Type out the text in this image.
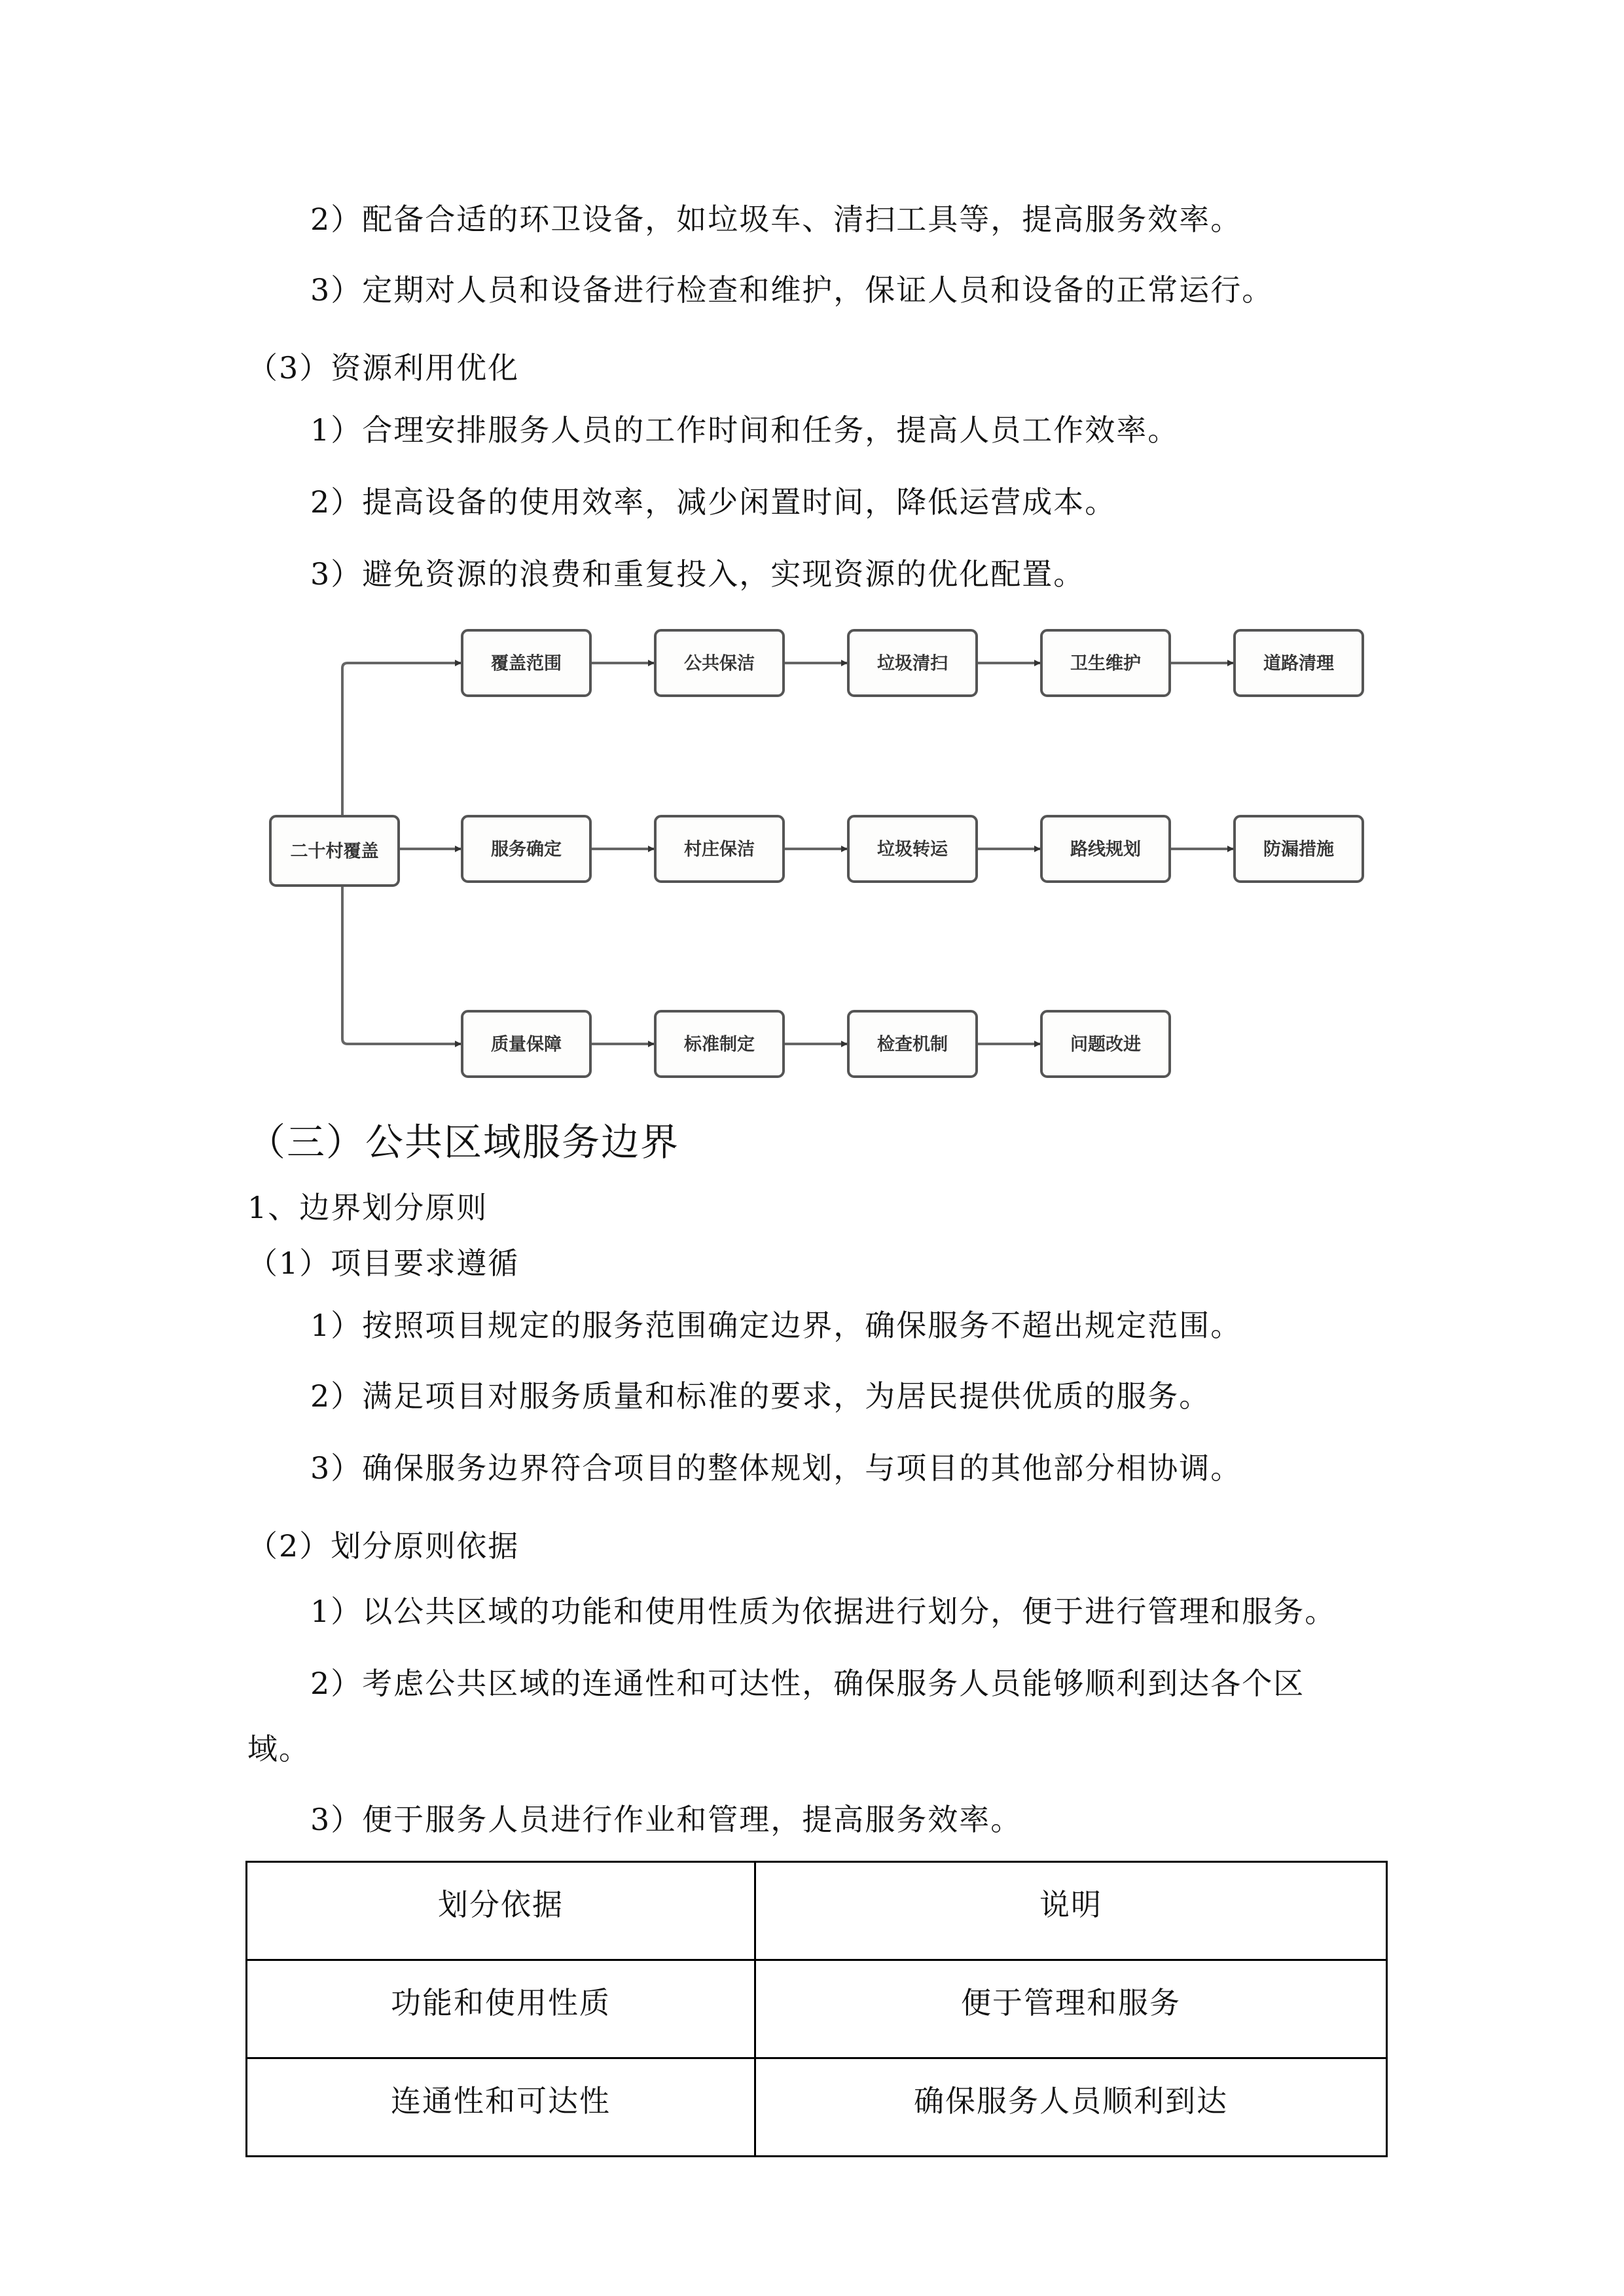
2）配备合适的环卫设备，如垃圾车、清扫工具等，提高服务效率。
3）定期对人员和设备进行检查和维护，保证人员和设备的正常运行。
（3）资源利用优化
1）合理安排服务人员的工作时间和任务，提高人员工作效率。
2）提高设备的使用效率，减少闲置时间，降低运营成本。
3）避免资源的浪费和重复投入，实现资源的优化配置。
二十村覆盖
覆盖范围	公共保洁	垃圾清扫	卫生维护	道路清理
服务确定	村庄保洁	垃圾转运	路线规划	防漏措施
质量保障	标准制定	检查机制	问题改进
（三）公共区域服务边界
1、边界划分原则
（1）项目要求遵循
1）按照项目规定的服务范围确定边界，确保服务不超出规定范围。
2）满足项目对服务质量和标准的要求，为居民提供优质的服务。
3）确保服务边界符合项目的整体规划，与项目的其他部分相协调。
（2）划分原则依据
1）以公共区域的功能和使用性质为依据进行划分，便于进行管理和服务。
2）考虑公共区域的连通性和可达性，确保服务人员能够顺利到达各个区
域。
3）便于服务人员进行作业和管理，提高服务效率。
划分依据	说明
功能和使用性质	便于管理和服务
连通性和可达性	确保服务人员顺利到达
